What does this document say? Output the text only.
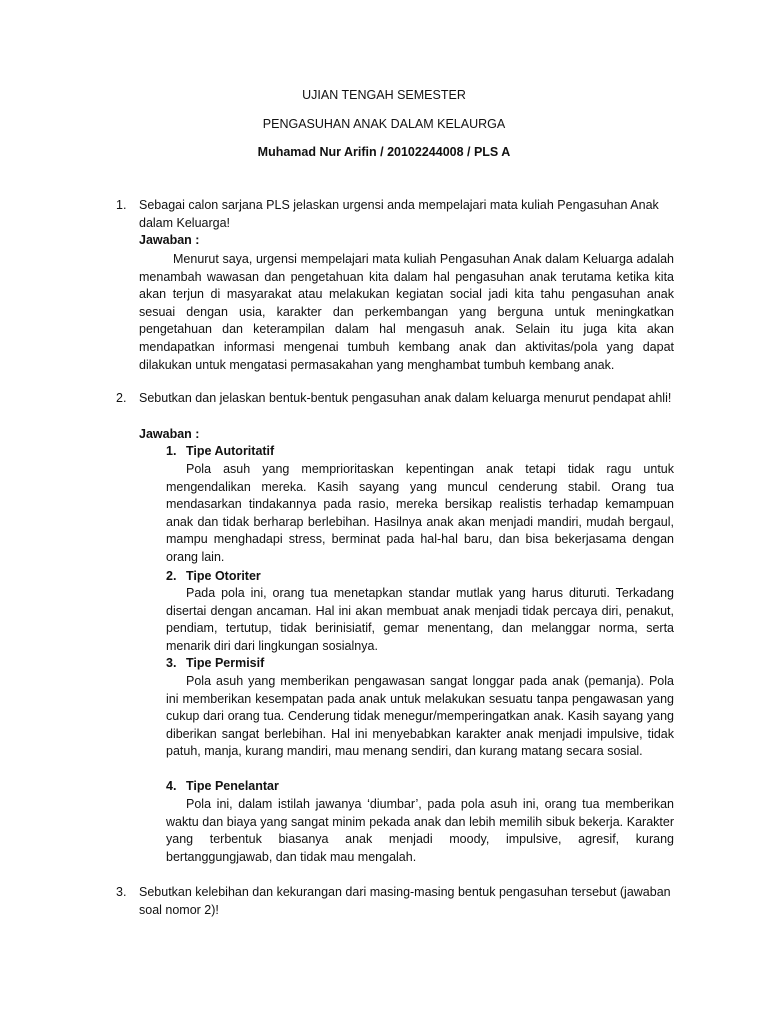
UJIAN TENGAH SEMESTER
PENGASUHAN ANAK DALAM KELAURGA
Muhamad Nur Arifin / 20102244008 / PLS A
1. Sebagai calon sarjana PLS jelaskan urgensi anda mempelajari mata kuliah Pengasuhan Anak dalam Keluarga!
Jawaban :
Menurut saya, urgensi mempelajari mata kuliah Pengasuhan Anak dalam Keluarga adalah menambah wawasan dan pengetahuan kita dalam hal pengasuhan anak terutama ketika kita akan terjun di masyarakat atau melakukan kegiatan social jadi kita tahu pengasuhan anak sesuai dengan usia, karakter dan perkembangan yang berguna untuk meningkatkan pengetahuan dan keterampilan dalam hal mengasuh anak. Selain itu juga kita akan mendapatkan informasi mengenai tumbuh kembang anak dan aktivitas/pola yang dapat dilakukan untuk mengatasi permasakahan yang menghambat tumbuh kembang anak.
2. Sebutkan dan jelaskan bentuk-bentuk pengasuhan anak dalam keluarga menurut pendapat ahli!
Jawaban :
1. Tipe Autoritatif
Pola asuh yang memprioritaskan kepentingan anak tetapi tidak ragu untuk mengendalikan mereka. Kasih sayang yang muncul cenderung stabil. Orang tua mendasarkan tindakannya pada rasio, mereka bersikap realistis terhadap kemampuan anak dan tidak berharap berlebihan. Hasilnya anak akan menjadi mandiri, mudah bergaul, mampu menghadapi stress, berminat pada hal-hal baru, dan bisa bekerjasama dengan orang lain.
2. Tipe Otoriter
Pada pola ini, orang tua menetapkan standar mutlak yang harus dituruti. Terkadang disertai dengan ancaman. Hal ini akan membuat anak menjadi tidak percaya diri, penakut, pendiam, tertutup, tidak berinisiatif, gemar menentang, dan melanggar norma, serta menarik diri dari lingkungan sosialnya.
3. Tipe Permisif
Pola asuh yang memberikan pengawasan sangat longgar pada anak (pemanja). Pola ini memberikan kesempatan pada anak untuk melakukan sesuatu tanpa pengawasan yang cukup dari orang tua. Cenderung tidak menegur/memperingatkan anak. Kasih sayang yang diberikan sangat berlebihan. Hal ini menyebabkan karakter anak menjadi impulsive, tidak patuh, manja, kurang mandiri, mau menang sendiri, dan kurang matang secara sosial.
4. Tipe Penelantar
Pola ini, dalam istilah jawanya ‘diumbar’, pada pola asuh ini, orang tua memberikan waktu dan biaya yang sangat minim pekada anak dan lebih memilih sibuk bekerja. Karakter yang terbentuk biasanya anak menjadi moody, impulsive, agresif, kurang bertanggungjawab, dan tidak mau mengalah.
3. Sebutkan kelebihan dan kekurangan dari masing-masing bentuk pengasuhan tersebut (jawaban soal nomor 2)!
